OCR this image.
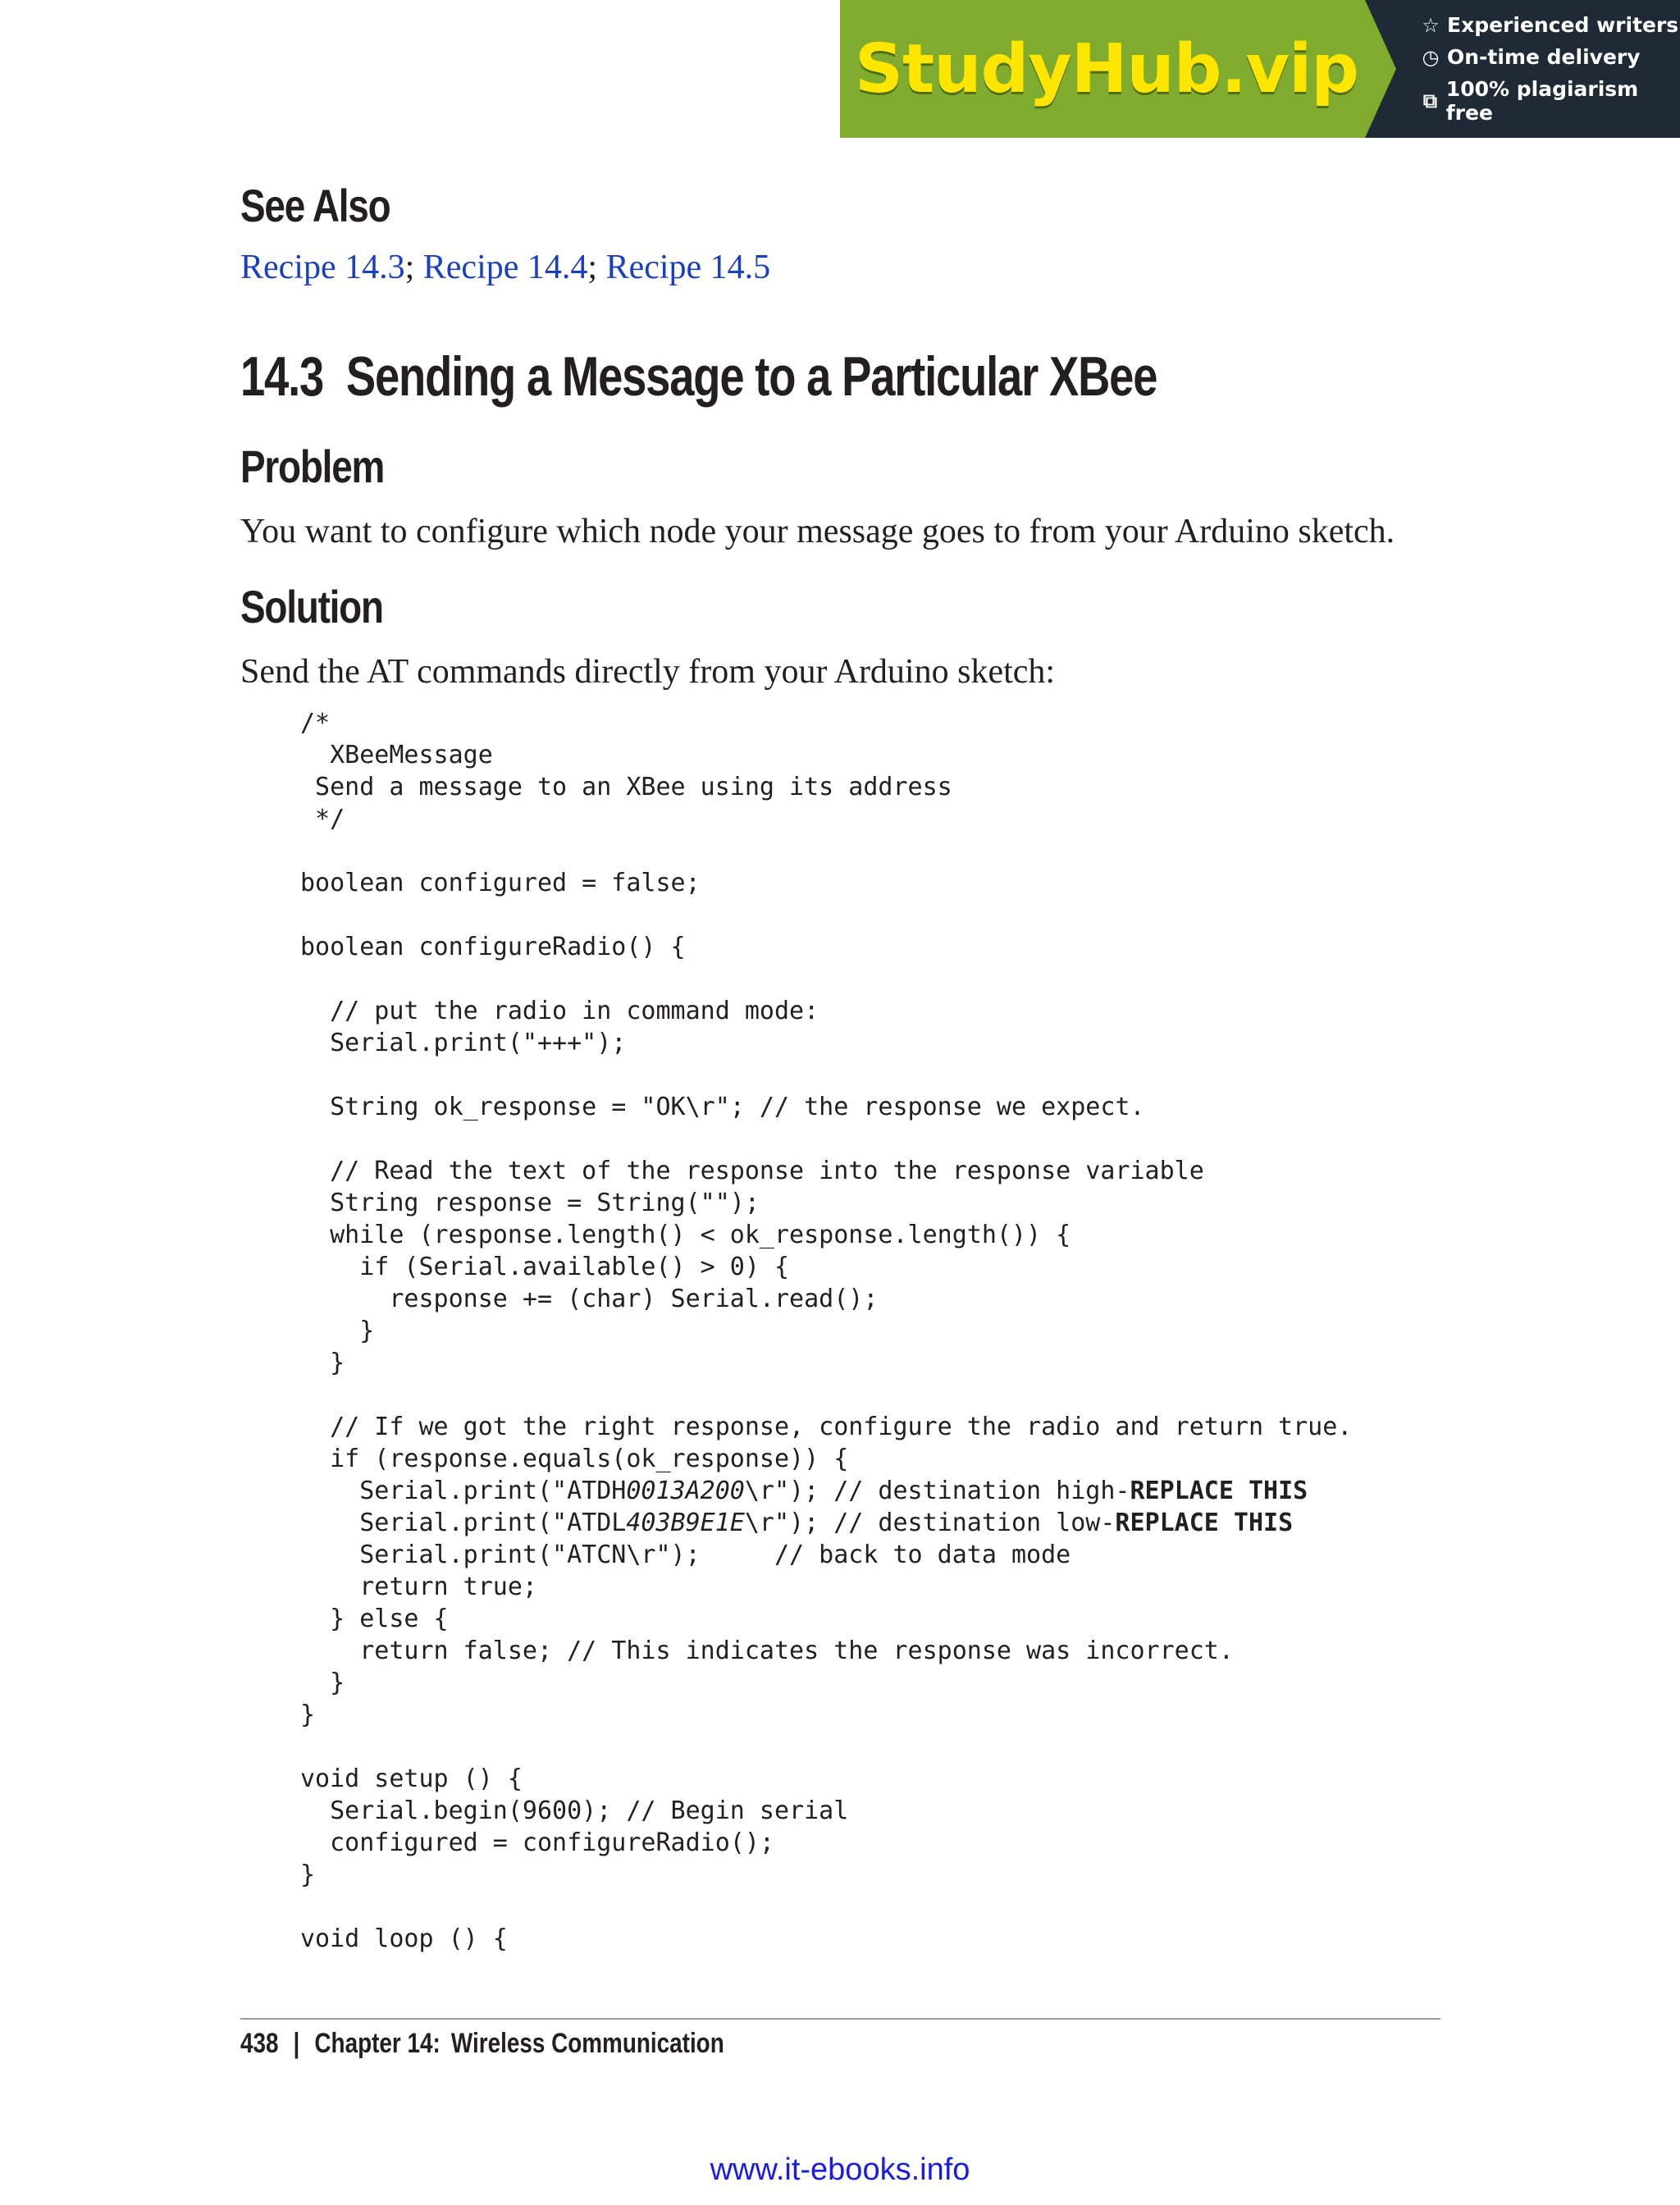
StudyHub.vip
☆ Experienced writers
◷ On-time delivery
⧉ 100% plagiarism free
See Also
Recipe 14.3; Recipe 14.4; Recipe 14.5
14.3  Sending a Message to a Particular XBee
Problem
You want to configure which node your message goes to from your Arduino sketch.
Solution
Send the AT commands directly from your Arduino sketch:
/*
XBeeMessage
Send a message to an XBee using its address
*/

boolean configured = false;

boolean configureRadio() {

// put the radio in command mode:
Serial.print("+++");

String ok_response = "OK\r"; // the response we expect.

// Read the text of the response into the response variable
String response = String("");
while (response.length() < ok_response.length()) {
if (Serial.available() > 0) {
response += (char) Serial.read();
}
}

// If we got the right response, configure the radio and return true.
if (response.equals(ok_response)) {
Serial.print("ATDH0013A200\r"); // destination high-REPLACE THIS
Serial.print("ATDL403B9E1E\r"); // destination low-REPLACE THIS
Serial.print("ATCN\r");     // back to data mode
return true;
} else {
return false; // This indicates the response was incorrect.
}
}

void setup () {
Serial.begin(9600); // Begin serial
configured = configureRadio();
}

void loop () {
438 | Chapter 14: Wireless Communication
www.it-ebooks.info
